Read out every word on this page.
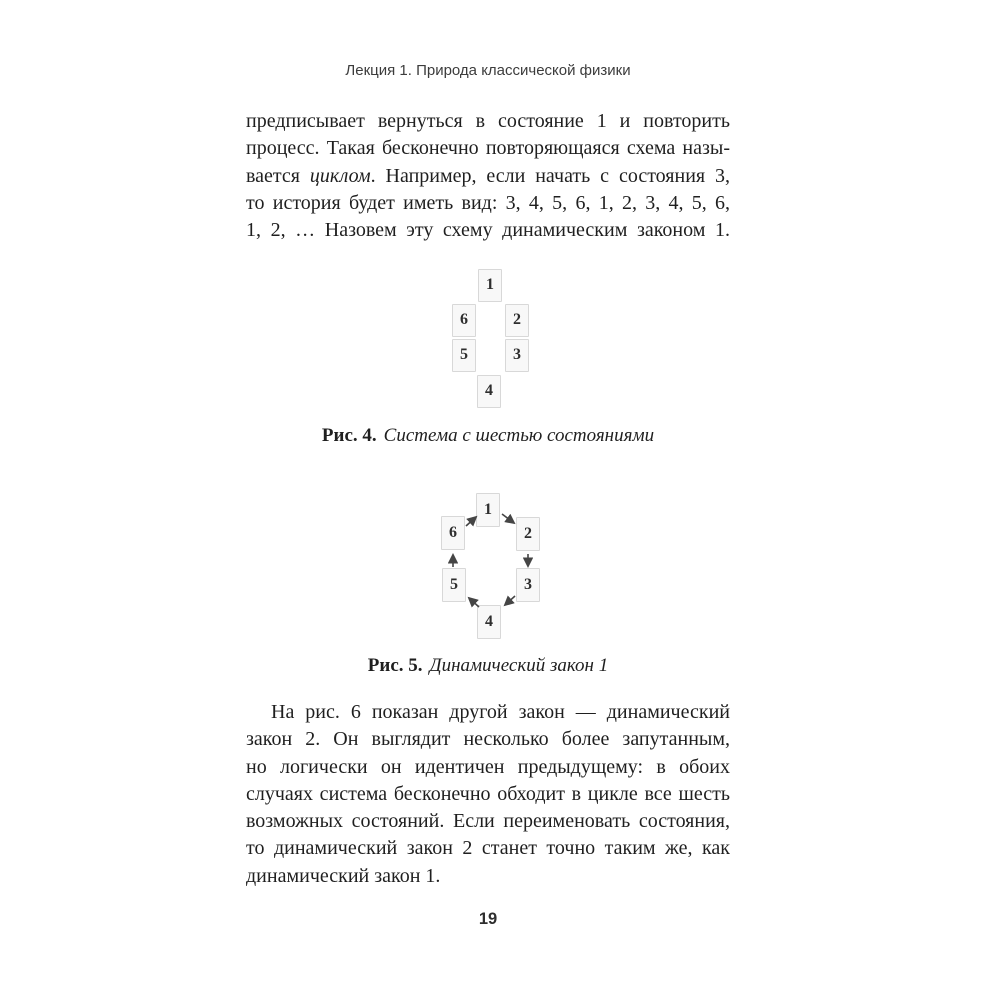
Лекция 1. Природа классической физики
предписывает вернуться в состояние 1 и повторить
процесс. Такая бесконечно повторяющаяся схема назы-
вается циклом. Например, если начать с состояния 3,
то история будет иметь вид: 3, 4, 5, 6, 1, 2, 3, 4, 5, 6,
1, 2, … Назовем эту схему динамическим законом 1.
1
2
3
4
5
6
Рис. 4. Система с шестью состояниями
1
2
3
4
5
6
Рис. 5. Динамический закон 1
На рис. 6 показан другой закон — динамический
закон 2. Он выглядит несколько более запутанным,
но логически он идентичен предыдущему: в обоих
случаях система бесконечно обходит в цикле все шесть
возможных состояний. Если переименовать состояния,
то динамический закон 2 станет точно таким же, как
динамический закон 1.
19
